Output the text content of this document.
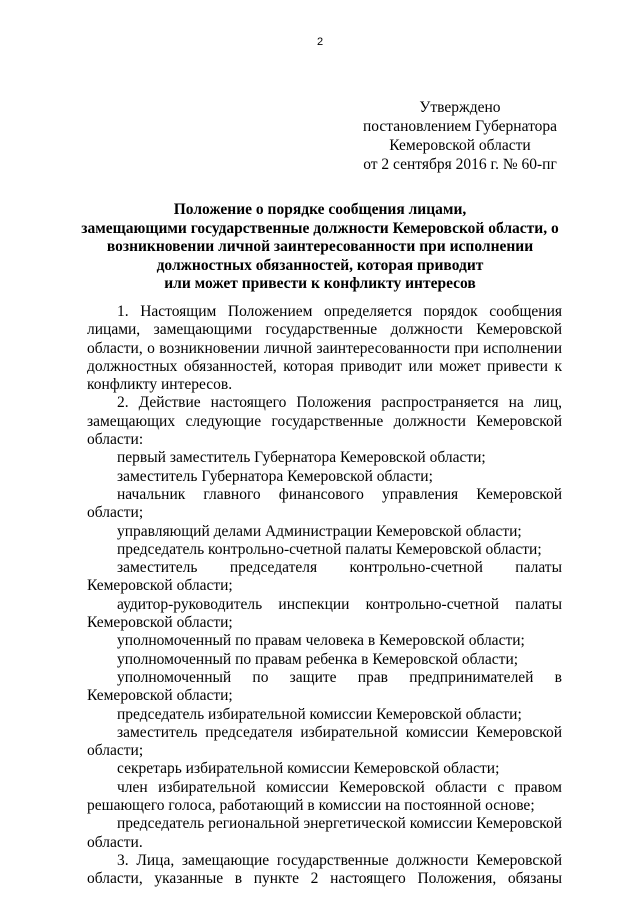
2
Утверждено
постановлением Губернатора
Кемеровской области
от 2 сентября 2016 г. № 60-пг
Положение о порядке сообщения лицами,
замещающими государственные должности Кемеровской области, о
возникновении личной заинтересованности при исполнении
должностных обязанностей, которая приводит
или может привести к конфликту интересов
1. Настоящим Положением определяется порядок сообщения лицами, замещающими государственные должности Кемеровской области, о возникновении личной заинтересованности при исполнении должностных обязанностей, которая приводит или может привести к конфликту интересов.
2. Действие настоящего Положения распространяется на лиц, замещающих следующие государственные должности Кемеровской области:
первый заместитель Губернатора Кемеровской области;
заместитель Губернатора Кемеровской области;
начальник главного финансового управления Кемеровской области;
управляющий делами Администрации Кемеровской области;
председатель контрольно-счетной палаты Кемеровской области;
заместитель председателя контрольно-счетной палаты Кемеровской области;
аудитор-руководитель инспекции контрольно-счетной палаты Кемеровской области;
уполномоченный по правам человека в Кемеровской области;
уполномоченный по правам ребенка в Кемеровской области;
уполномоченный по защите прав предпринимателей в Кемеровской области;
председатель избирательной комиссии Кемеровской области;
заместитель председателя избирательной комиссии Кемеровской области;
секретарь избирательной комиссии Кемеровской области;
член избирательной комиссии Кемеровской области с правом решающего голоса, работающий в комиссии на постоянной основе;
председатель региональной энергетической комиссии Кемеровской области.
3. Лица, замещающие государственные должности Кемеровской области, указанные в пункте 2 настоящего Положения, обязаны
